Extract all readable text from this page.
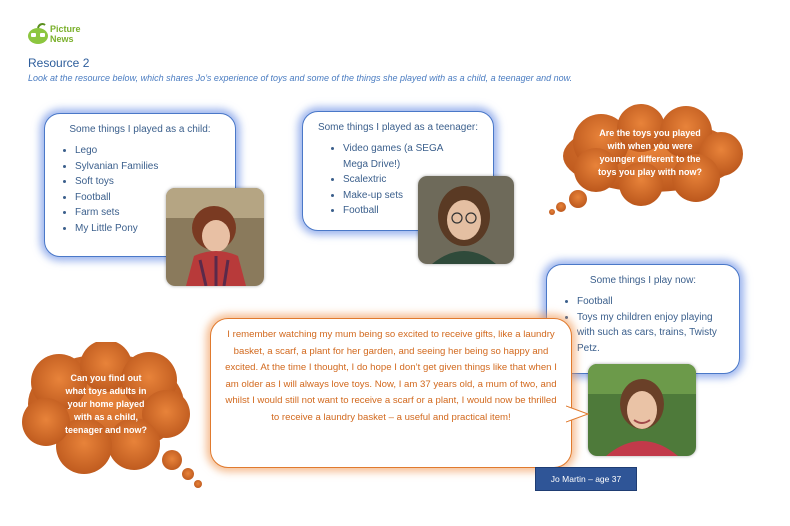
Picture
News
Resource 2
Look at the resource below, which shares Jo’s experience of toys and some of the things she played with as a child, a teenager and now.
Some things I played as a child:
• Lego
• Sylvanian Families
• Soft toys
• Football
• Farm sets
• My Little Pony
Some things I played as a teenager:
• Video games (a SEGA Mega Drive!)
• Scalextric
• Make-up sets
• Football
Are the toys you played
with when you were
younger different to the
toys you play with now?
Some things I play now:
• Football
• Toys my children enjoy playing with such as cars, trains, Twisty Petz.
I remember watching my mum being so excited to receive gifts, like a laundry basket, a scarf, a plant for her garden, and seeing her being so happy and excited. At the time I thought, I do hope I don’t get given things like that when I am older as I will always love toys. Now, I am 37 years old, a mum of two, and whilst I would still not want to receive a scarf or a plant, I would now be thrilled to receive a laundry basket – a useful and practical item!
Can you find out
what toys adults in
your home played
with as a child,
teenager and now?
Jo Martin – age 37
